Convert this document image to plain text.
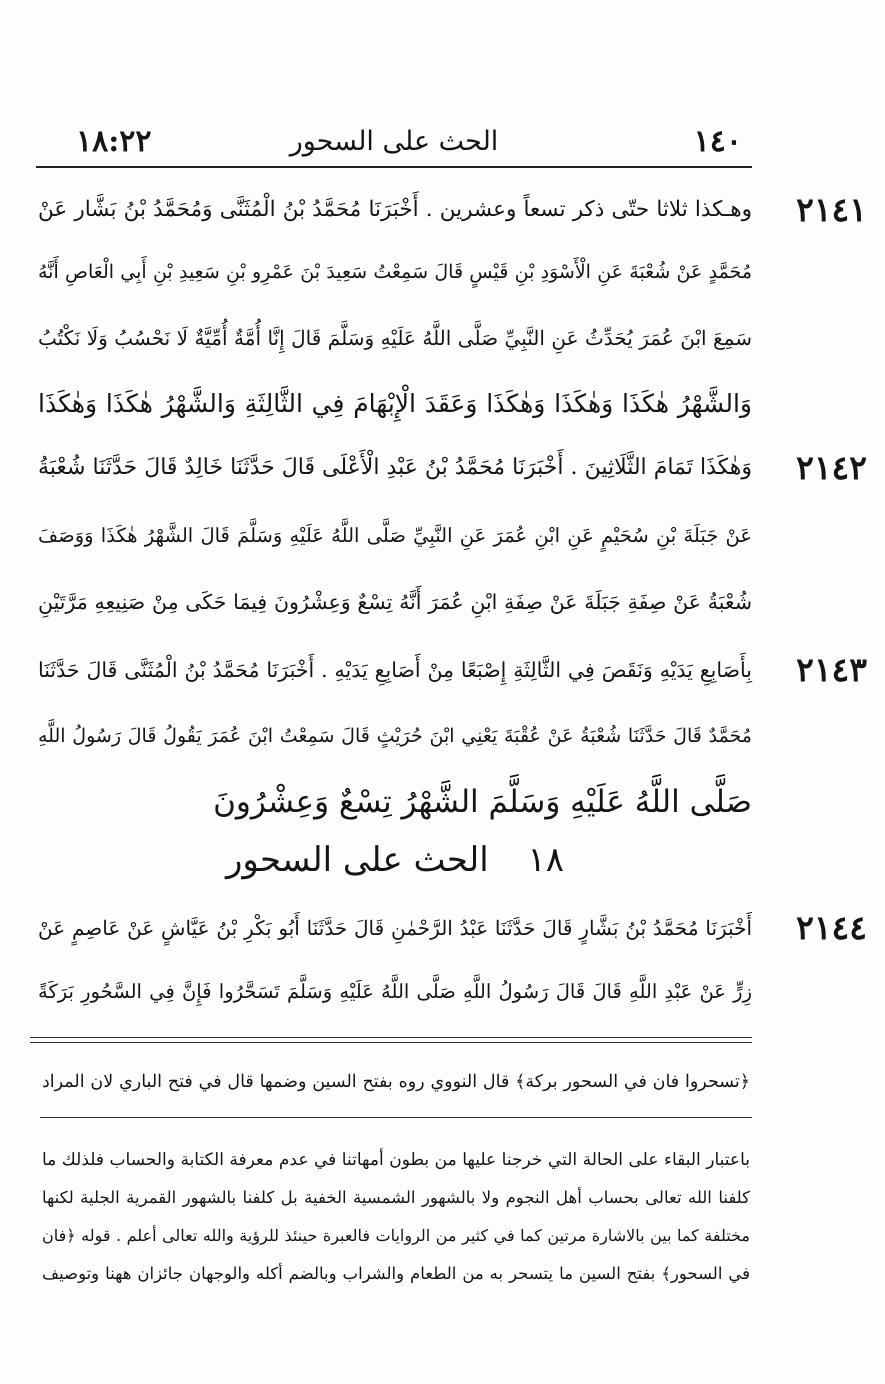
١٨:٢٢	الحث على السحور	١٤٠
٢١٤١
وهـكذا ثلاثا حتّى ذكر تسعاً وعشرين . أَخْبَرَنَا مُحَمَّدُ بْنُ الْمُثَنَّى وَمُحَمَّدُ بْنُ بَشَّار عَنْ
مُحَمَّدٍ عَنْ شُعْبَةَ عَنِ الْأَسْوَدِ بْنِ قَيْسٍ قَالَ سَمِعْتُ سَعِيدَ بْنَ عَمْرِو بْنِ سَعِيدِ بْنِ أَبِي الْعَاصِ أَنَّهُ
سَمِعَ ابْنَ عُمَرَ يُحَدِّثُ عَنِ النَّبِيِّ صَلَّى اللَّهُ عَلَيْهِ وَسَلَّمَ قَالَ إِنَّا أُمَّةٌ أُمِّيَّةٌ لَا نَحْسُبُ وَلَا نَكْتُبُ
وَالشَّهْرُ هٰكَذَا وَهٰكَذَا وَهٰكَذَا وَعَقَدَ الْإِبْهَامَ فِي الثَّالِثَةِ وَالشَّهْرُ هٰكَذَا وَهٰكَذَا
٢١٤٢
وَهٰكَذَا تَمَامَ الثَّلَاثِينَ . أَخْبَرَنَا مُحَمَّدُ بْنُ عَبْدِ الْأَعْلَى قَالَ حَدَّثَنَا خَالِدٌ قَالَ حَدَّثَنَا شُعْبَةُ
عَنْ جَبَلَةَ بْنِ سُحَيْمٍ عَنِ ابْنِ عُمَرَ عَنِ النَّبِيِّ صَلَّى اللَّهُ عَلَيْهِ وَسَلَّمَ قَالَ الشَّهْرُ هٰكَذَا وَوَصَفَ
شُعْبَةُ عَنْ صِفَةِ جَبَلَةَ عَنْ صِفَةِ ابْنِ عُمَرَ أَنَّهُ تِسْعٌ وَعِشْرُونَ فِيمَا حَكَى مِنْ صَنِيعِهِ مَرَّتَيْنِ
٢١٤٣
بِأَصَابِعِ يَدَيْهِ وَنَقَصَ فِي الثَّالِثَةِ إِصْبَعًا مِنْ أَصَابِعِ يَدَيْهِ . أَخْبَرَنَا مُحَمَّدُ بْنُ الْمُثَنَّى قَالَ حَدَّثَنَا
مُحَمَّدٌ قَالَ حَدَّثَنَا شُعْبَةُ عَنْ عُقْبَةَ يَعْنِي ابْنَ حُرَيْثٍ قَالَ سَمِعْتُ ابْنَ عُمَرَ يَقُولُ قَالَ رَسُولُ اللَّهِ
صَلَّى اللَّهُ عَلَيْهِ وَسَلَّمَ الشَّهْرُ تِسْعٌ وَعِشْرُونَ
١٨ الحث على السحور
٢١٤٤
أَخْبَرَنَا مُحَمَّدُ بْنُ بَشَّارٍ قَالَ حَدَّثَنَا عَبْدُ الرَّحْمٰنِ قَالَ حَدَّثَنَا أَبُو بَكْرِ بْنُ عَيَّاشٍ عَنْ عَاصِمٍ عَنْ
زِرٍّ عَنْ عَبْدِ اللَّهِ قَالَ قَالَ رَسُولُ اللَّهِ صَلَّى اللَّهُ عَلَيْهِ وَسَلَّمَ تَسَحَّرُوا فَإِنَّ فِي السَّحُورِ بَرَكَةً
﴿تسحروا فان في السحور بركة﴾ قال النووي روه بفتح السين وضمها قال في فتح الباري لان المراد
باعتبار البقاء على الحالة التي خرجنا عليها من بطون أمهاتنا في عدم معرفة الكتابة والحساب فلذلك ما
كلفنا الله تعالى بحساب أهل النجوم ولا بالشهور الشمسية الخفية بل كلفنا بالشهور القمرية الجلية لكنها
مختلفة كما بين بالاشارة مرتين كما في كثير من الروايات فالعبرة حينئذ للرؤية والله تعالى أعلم . قوله ﴿فان
في السحور﴾ بفتح السين ما يتسحر به من الطعام والشراب وبالضم أكله والوجهان جائزان ههنا وتوصيف
